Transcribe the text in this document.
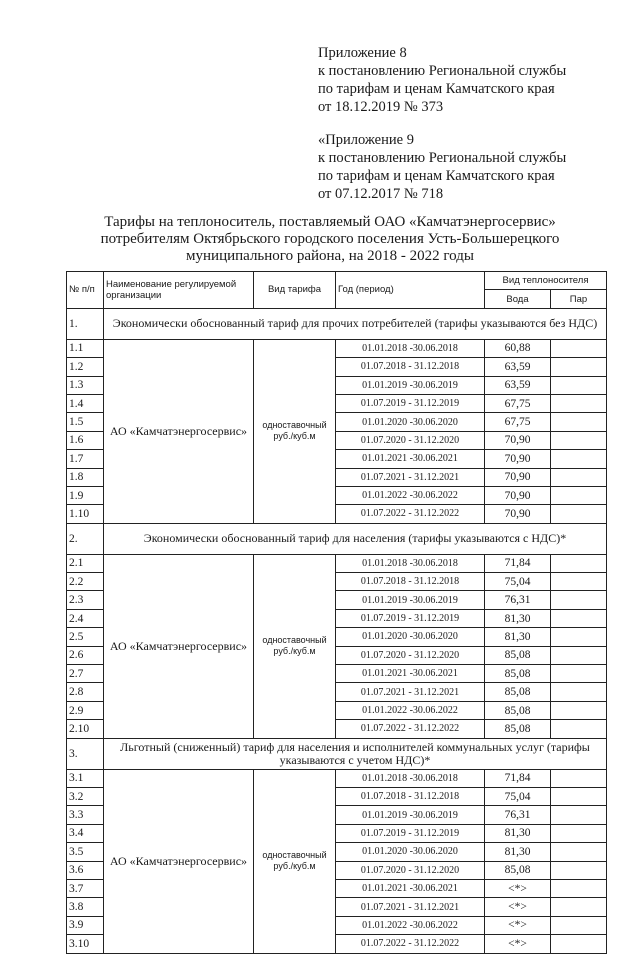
Приложение 8
к постановлению Региональной службы
по тарифам и ценам Камчатского края
от 18.12.2019 № 373
«Приложение 9
к постановлению Региональной службы
по тарифам и ценам Камчатского края
от 07.12.2017 № 718
Тарифы на теплоноситель, поставляемый ОАО «Камчатэнергосервис»
потребителям Октябрьского городского поселения Усть-Большерецкого
муниципального района, на 2018 - 2022 годы
№ п/п	Наименование регулируемой организации	Вид тарифа	Год (период)	Вид теплоносителя	
				Вода	Пар
1.	Экономически обоснованный тариф для прочих потребителей (тарифы указываются без НДС)				
1.1	АО «Камчатэнергосервис»	одноставочный руб./куб.м	01.01.2018 -30.06.2018	60,88	
1.2			01.07.2018 - 31.12.2018	63,59	
1.3			01.01.2019 -30.06.2019	63,59	
1.4			01.07.2019 - 31.12.2019	67,75	
1.5			01.01.2020 -30.06.2020	67,75	
1.6			01.07.2020 - 31.12.2020	70,90	
1.7			01.01.2021 -30.06.2021	70,90	
1.8			01.07.2021 - 31.12.2021	70,90	
1.9			01.01.2022 -30.06.2022	70,90	
1.10			01.07.2022 - 31.12.2022	70,90	
2.	Экономически обоснованный тариф для населения (тарифы указываются с НДС)*				
2.1	АО «Камчатэнергосервис»	одноставочный руб./куб.м	01.01.2018 -30.06.2018	71,84	
2.2			01.07.2018 - 31.12.2018	75,04	
2.3			01.01.2019 -30.06.2019	76,31	
2.4			01.07.2019 - 31.12.2019	81,30	
2.5			01.01.2020 -30.06.2020	81,30	
2.6			01.07.2020 - 31.12.2020	85,08	
2.7			01.01.2021 -30.06.2021	85,08	
2.8			01.07.2021 - 31.12.2021	85,08	
2.9			01.01.2022 -30.06.2022	85,08	
2.10			01.07.2022 - 31.12.2022	85,08	
3.	Льготный (сниженный) тариф для населения и исполнителей коммунальных услуг (тарифы указываются с учетом НДС)*				
3.1	АО «Камчатэнергосервис»	одноставочный руб./куб.м	01.01.2018 -30.06.2018	71,84	
3.2			01.07.2018 - 31.12.2018	75,04	
3.3			01.01.2019 -30.06.2019	76,31	
3.4			01.07.2019 - 31.12.2019	81,30	
3.5			01.01.2020 -30.06.2020	81,30	
3.6			01.07.2020 - 31.12.2020	85,08	
3.7			01.01.2021 -30.06.2021	<*>	
3.8			01.07.2021 - 31.12.2021	<*>	
3.9			01.01.2022 -30.06.2022	<*>	
3.10			01.07.2022 - 31.12.2022	<*>	
